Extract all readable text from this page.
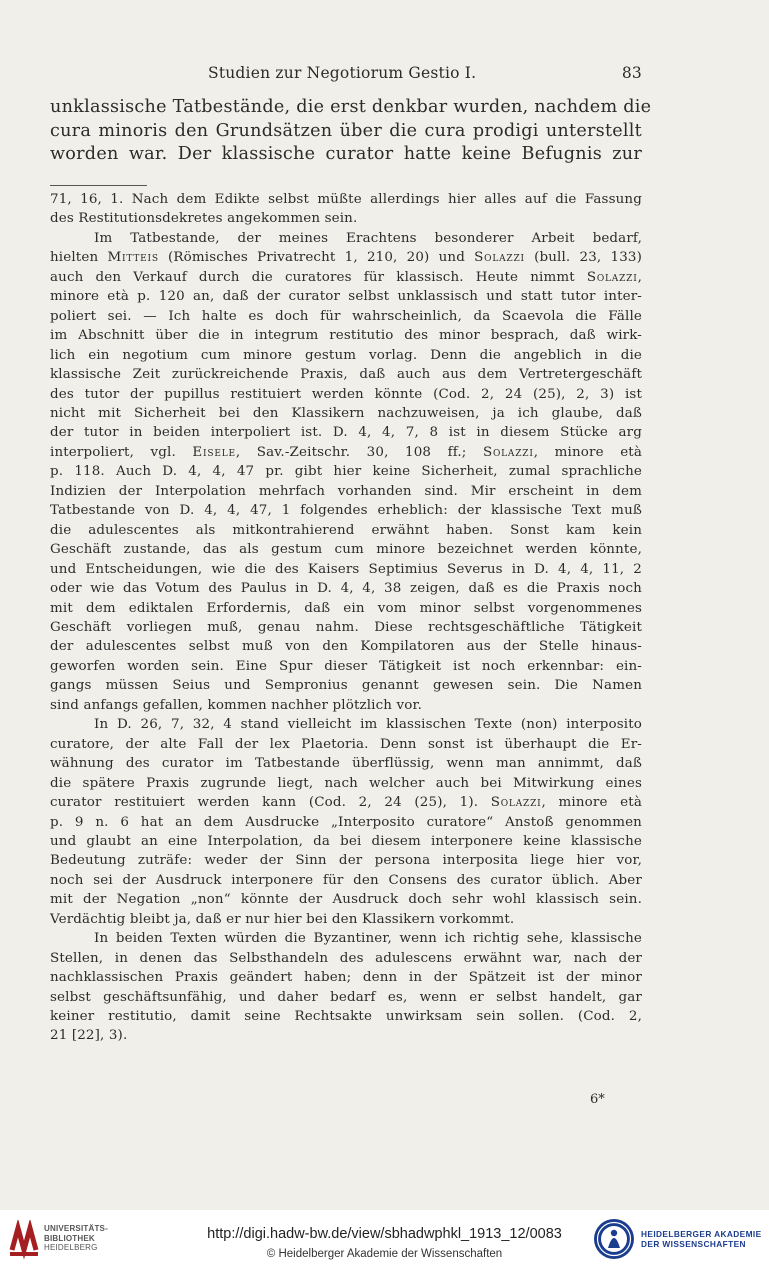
Studien zur Negotiorum Gestio I.	83
unklassische Tatbestände, die erst denkbar wurden, nachdem die
cura minoris den Grundsätzen über die cura prodigi unterstellt
worden war. Der klassische curator hatte keine Befugnis zur
71, 16, 1. Nach dem Edikte selbst müßte allerdings hier alles auf die Fassung
des Restitutionsdekretes angekommen sein.
Im Tatbestande, der meines Erachtens besonderer Arbeit bedarf,
hielten Mitteis (Römisches Privatrecht 1, 210, 20) und Solazzi (bull. 23, 133)
auch den Verkauf durch die curatores für klassisch. Heute nimmt Solazzi,
minore età p. 120 an, daß der curator selbst unklassisch und statt tutor inter-
poliert sei. — Ich halte es doch für wahrscheinlich, da Scaevola die Fälle
im Abschnitt über die in integrum restitutio des minor besprach, daß wirk-
lich ein negotium cum minore gestum vorlag. Denn die angeblich in die
klassische Zeit zurückreichende Praxis, daß auch aus dem Vertretergeschäft
des tutor der pupillus restituiert werden könnte (Cod. 2, 24 (25), 2, 3) ist
nicht mit Sicherheit bei den Klassikern nachzuweisen, ja ich glaube, daß
der tutor in beiden interpoliert ist. D. 4, 4, 7, 8 ist in diesem Stücke arg
interpoliert, vgl. Eisele, Sav.-Zeitschr. 30, 108 ff.; Solazzi, minore età
p. 118. Auch D. 4, 4, 47 pr. gibt hier keine Sicherheit, zumal sprachliche
Indizien der Interpolation mehrfach vorhanden sind. Mir erscheint in dem
Tatbestande von D. 4, 4, 47, 1 folgendes erheblich: der klassische Text muß
die adulescentes als mitkontrahierend erwähnt haben. Sonst kam kein
Geschäft zustande, das als gestum cum minore bezeichnet werden könnte,
und Entscheidungen, wie die des Kaisers Septimius Severus in D. 4, 4, 11, 2
oder wie das Votum des Paulus in D. 4, 4, 38 zeigen, daß es die Praxis noch
mit dem ediktalen Erfordernis, daß ein vom minor selbst vorgenommenes
Geschäft vorliegen muß, genau nahm. Diese rechtsgeschäftliche Tätigkeit
der adulescentes selbst muß von den Kompilatoren aus der Stelle hinaus-
geworfen worden sein. Eine Spur dieser Tätigkeit ist noch erkennbar: ein-
gangs müssen Seius und Sempronius genannt gewesen sein. Die Namen
sind anfangs gefallen, kommen nachher plötzlich vor.
In D. 26, 7, 32, 4 stand vielleicht im klassischen Texte (non) interposito
curatore, der alte Fall der lex Plaetoria. Denn sonst ist überhaupt die Er-
wähnung des curator im Tatbestande überflüssig, wenn man annimmt, daß
die spätere Praxis zugrunde liegt, nach welcher auch bei Mitwirkung eines
curator restituiert werden kann (Cod. 2, 24 (25), 1). Solazzi, minore età
p. 9 n. 6 hat an dem Ausdrucke „Interposito curatore“ Anstoß genommen
und glaubt an eine Interpolation, da bei diesem interponere keine klassische
Bedeutung zuträfe: weder der Sinn der persona interposita liege hier vor,
noch sei der Ausdruck interponere für den Consens des curator üblich. Aber
mit der Negation „non“ könnte der Ausdruck doch sehr wohl klassisch sein.
Verdächtig bleibt ja, daß er nur hier bei den Klassikern vorkommt.
In beiden Texten würden die Byzantiner, wenn ich richtig sehe, klassische
Stellen, in denen das Selbsthandeln des adulescens erwähnt war, nach der
nachklassischen Praxis geändert haben; denn in der Spätzeit ist der minor
selbst geschäftsunfähig, und daher bedarf es, wenn er selbst handelt, gar
keiner restitutio, damit seine Rechtsakte unwirksam sein sollen. (Cod. 2,
21 [22], 3).
6*
UNIVERSITÄTS-
BIBLIOTHEK
HEIDELBERG
http://digi.hadw-bw.de/view/sbhadwphkl_1913_12/0083
© Heidelberger Akademie der Wissenschaften
HEIDELBERGER AKADEMIE
DER WISSENSCHAFTEN
